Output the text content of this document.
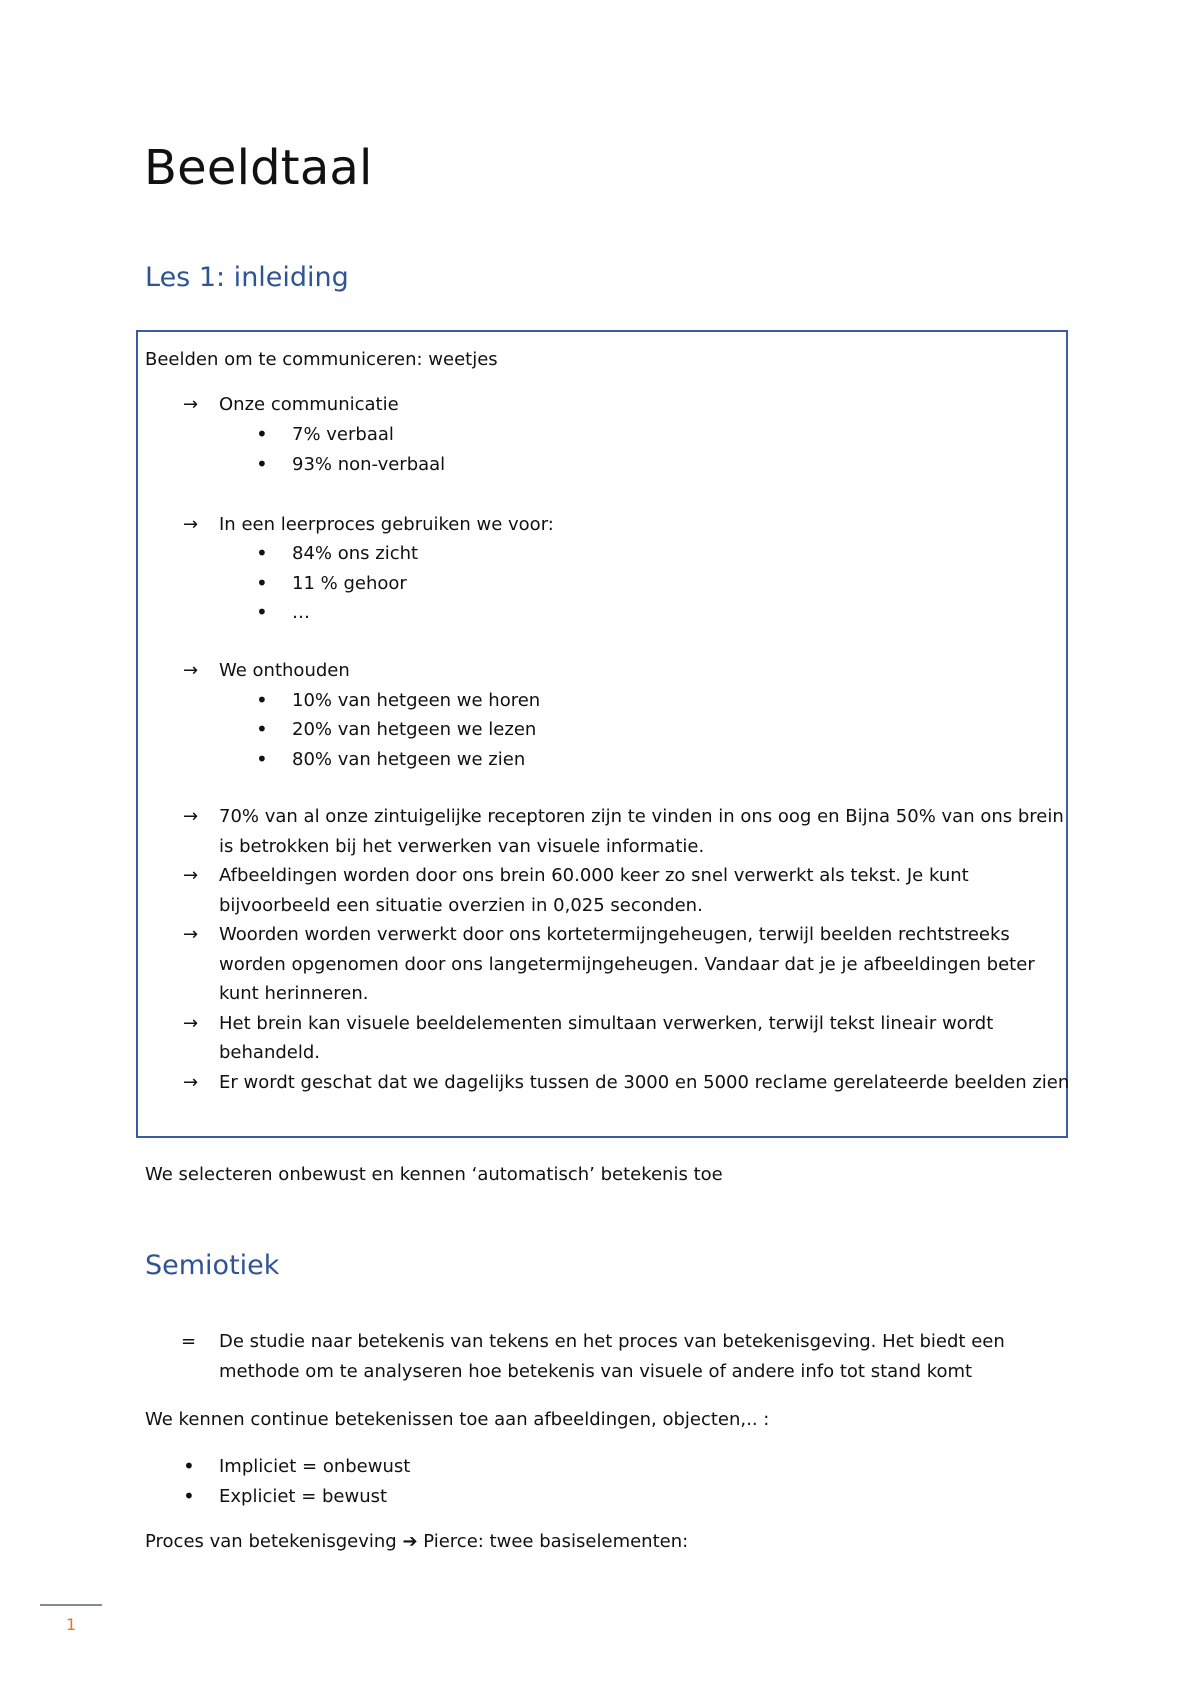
Beeldtaal
Les 1: inleiding
Beelden om te communiceren: weetjes
→ Onze communicatie
• 7% verbaal
• 93% non-verbaal
→ In een leerproces gebruiken we voor:
• 84% ons zicht
• 11 % gehoor
• …
→ We onthouden
• 10% van hetgeen we horen
• 20% van hetgeen we lezen
• 80% van hetgeen we zien
→ 70% van al onze zintuigelijke receptoren zijn te vinden in ons oog en Bijna 50% van ons brein
is betrokken bij het verwerken van visuele informatie.
→ Afbeeldingen worden door ons brein 60.000 keer zo snel verwerkt als tekst. Je kunt
bijvoorbeeld een situatie overzien in 0,025 seconden.
→ Woorden worden verwerkt door ons kortetermijngeheugen, terwijl beelden rechtstreeks
worden opgenomen door ons langetermijngeheugen. Vandaar dat je je afbeeldingen beter
kunt herinneren.
→ Het brein kan visuele beeldelementen simultaan verwerken, terwijl tekst lineair wordt
behandeld.
→ Er wordt geschat dat we dagelijks tussen de 3000 en 5000 reclame gerelateerde beelden zien
We selecteren onbewust en kennen ‘automatisch’ betekenis toe
Semiotiek
= De studie naar betekenis van tekens en het proces van betekenisgeving. Het biedt een
methode om te analyseren hoe betekenis van visuele of andere info tot stand komt
We kennen continue betekenissen toe aan afbeeldingen, objecten,.. :
• Impliciet = onbewust
• Expliciet = bewust
Proces van betekenisgeving ➔ Pierce: twee basiselementen:
1
